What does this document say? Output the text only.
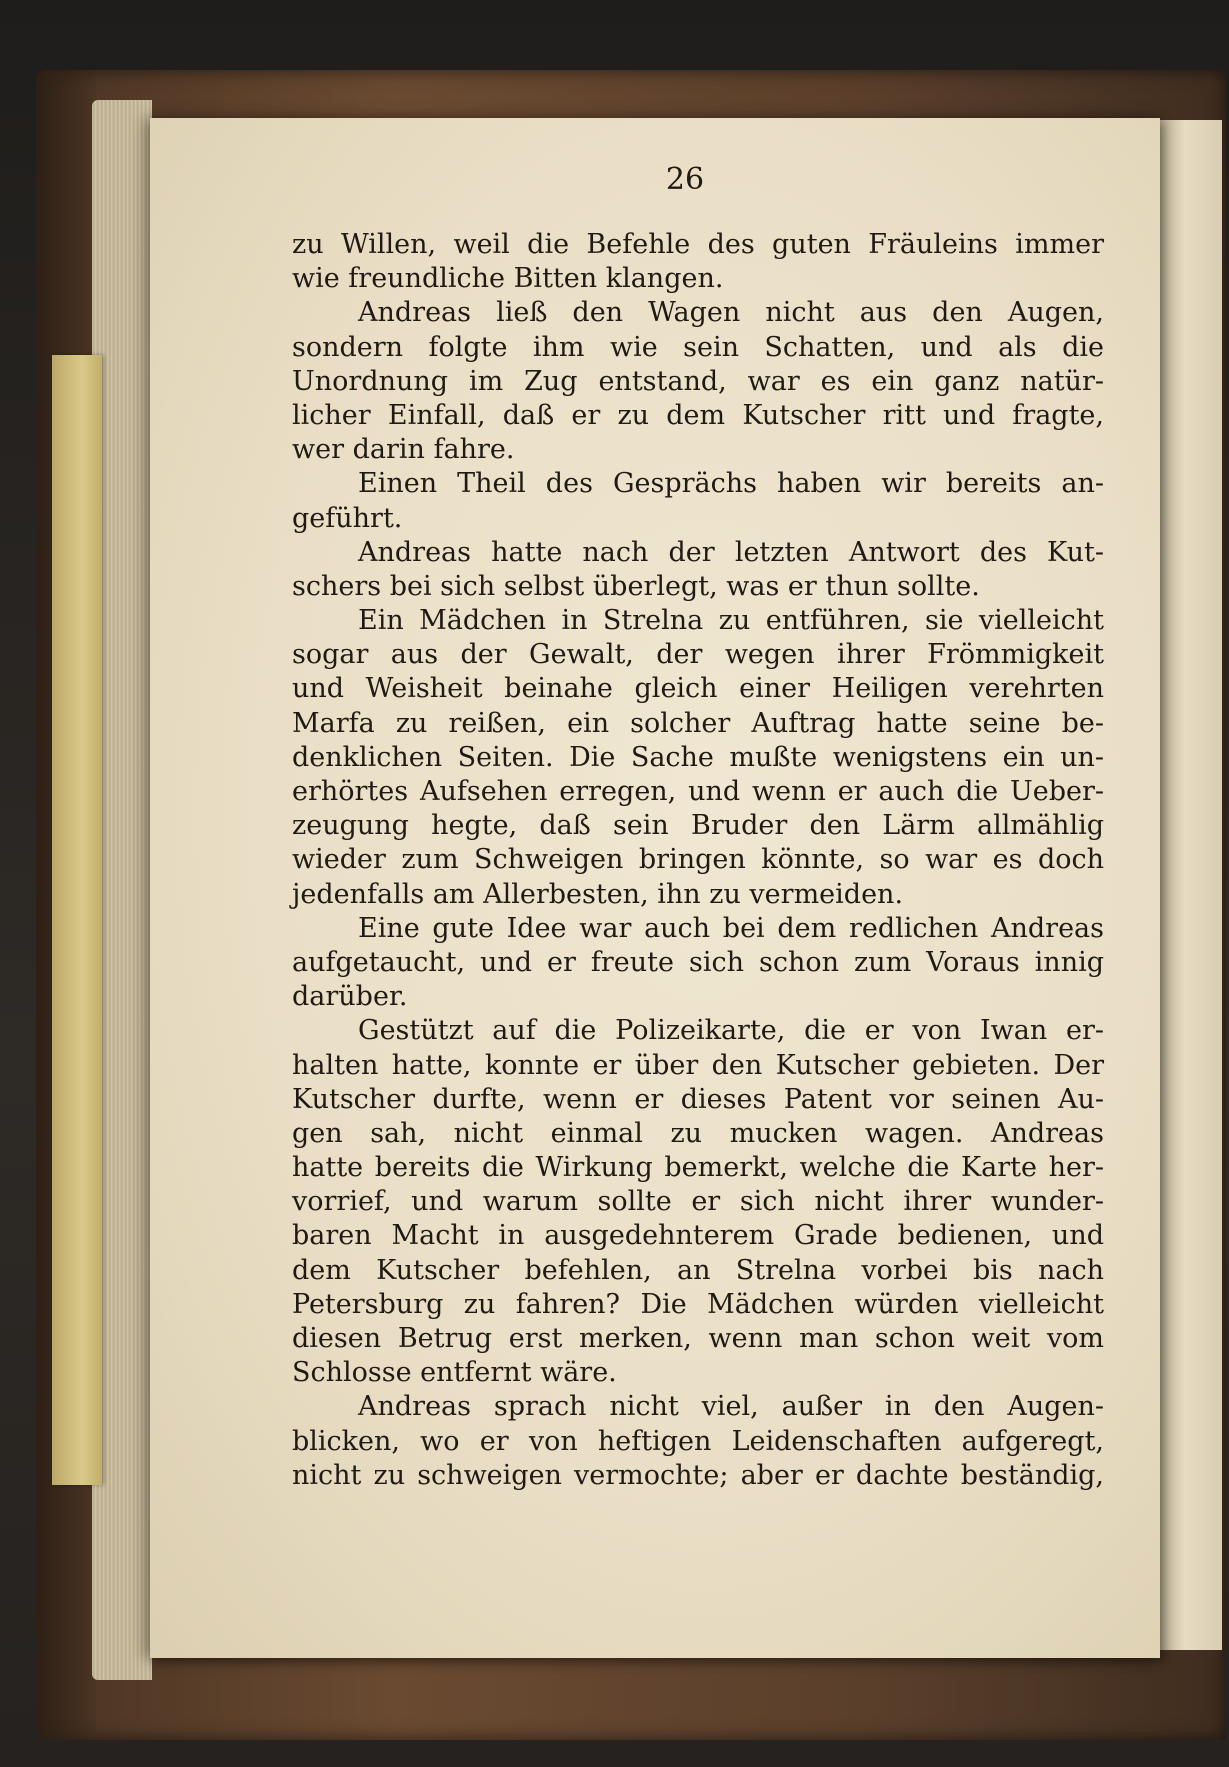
26
zu Willen, weil die Befehle des guten Fräuleins immer
wie freundliche Bitten klangen.
Andreas ließ den Wagen nicht aus den Augen,
sondern folgte ihm wie sein Schatten, und als die
Unordnung im Zug entstand, war es ein ganz natür-
licher Einfall, daß er zu dem Kutscher ritt und fragte,
wer darin fahre.
Einen Theil des Gesprächs haben wir bereits an-
geführt.
Andreas hatte nach der letzten Antwort des Kut-
schers bei sich selbst überlegt, was er thun sollte.
Ein Mädchen in Strelna zu entführen, sie vielleicht
sogar aus der Gewalt, der wegen ihrer Frömmigkeit
und Weisheit beinahe gleich einer Heiligen verehrten
Marfa zu reißen, ein solcher Auftrag hatte seine be-
denklichen Seiten. Die Sache mußte wenigstens ein un-
erhörtes Aufsehen erregen, und wenn er auch die Ueber-
zeugung hegte, daß sein Bruder den Lärm allmählig
wieder zum Schweigen bringen könnte, so war es doch
jedenfalls am Allerbesten, ihn zu vermeiden.
Eine gute Idee war auch bei dem redlichen Andreas
aufgetaucht, und er freute sich schon zum Voraus innig
darüber.
Gestützt auf die Polizeikarte, die er von Iwan er-
halten hatte, konnte er über den Kutscher gebieten. Der
Kutscher durfte, wenn er dieses Patent vor seinen Au-
gen sah, nicht einmal zu mucken wagen. Andreas
hatte bereits die Wirkung bemerkt, welche die Karte her-
vorrief, und warum sollte er sich nicht ihrer wunder-
baren Macht in ausgedehnterem Grade bedienen, und
dem Kutscher befehlen, an Strelna vorbei bis nach
Petersburg zu fahren? Die Mädchen würden vielleicht
diesen Betrug erst merken, wenn man schon weit vom
Schlosse entfernt wäre.
Andreas sprach nicht viel, außer in den Augen-
blicken, wo er von heftigen Leidenschaften aufgeregt,
nicht zu schweigen vermochte; aber er dachte beständig,
